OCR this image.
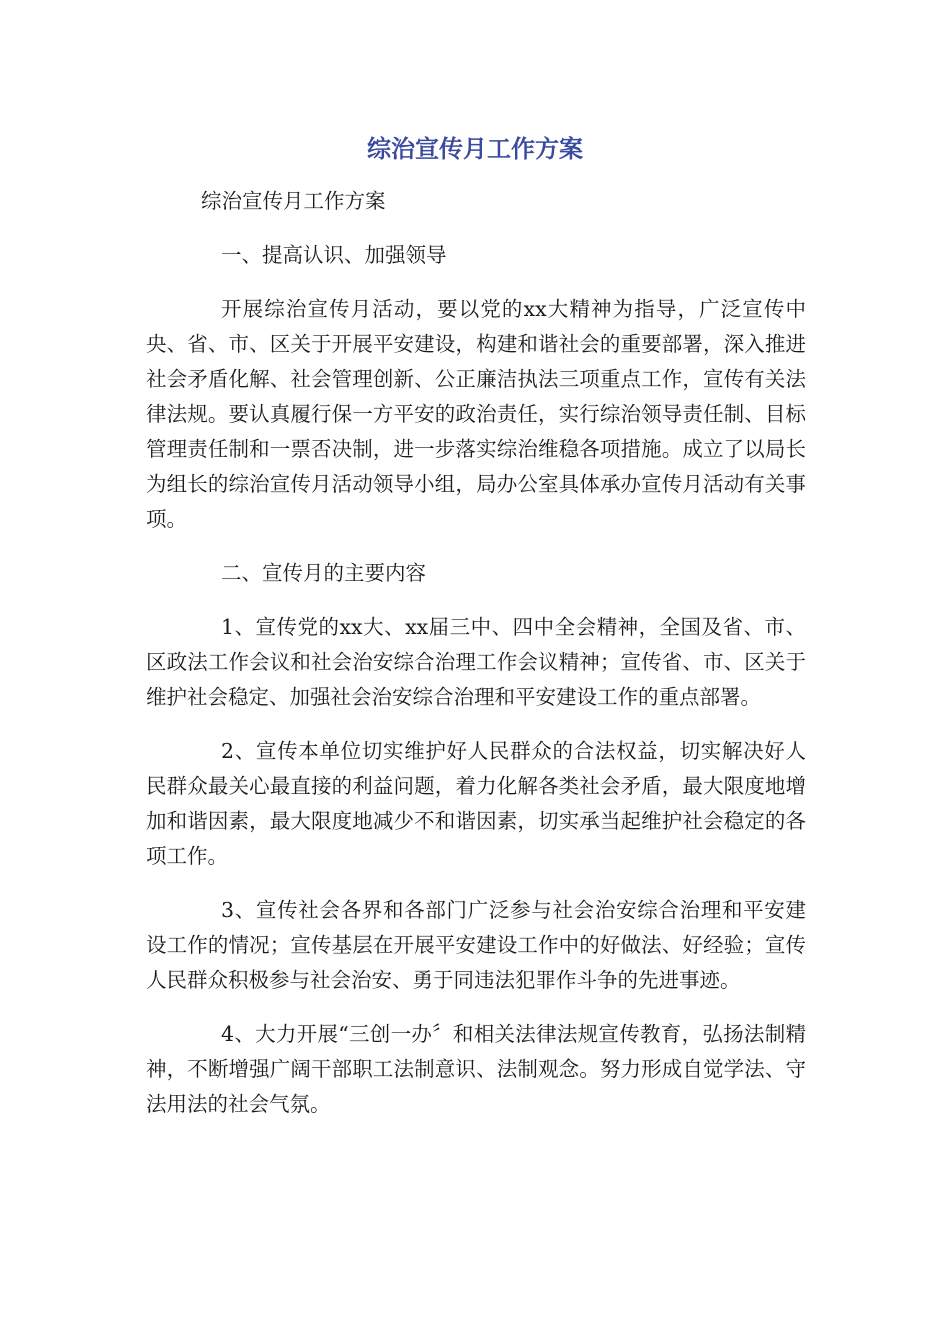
综治宣传月工作方案

综治宣传月工作方案

一、提高认识、加强领导

开展综治宣传月活动，要以党的xx大精神为指导，广泛宣传中央、省、市、区关于开展平安建设，构建和谐社会的重要部署，深入推进社会矛盾化解、社会管理创新、公正廉洁执法三项重点工作，宣传有关法律法规。要认真履行保一方平安的政治责任，实行综治领导责任制、目标管理责任制和一票否决制，进一步落实综治维稳各项措施。成立了以局长为组长的综治宣传月活动领导小组，局办公室具体承办宣传月活动有关事项。

二、宣传月的主要内容

1、宣传党的xx大、xx届三中、四中全会精神，全国及省、市、区政法工作会议和社会治安综合治理工作会议精神；宣传省、市、区关于维护社会稳定、加强社会治安综合治理和平安建设工作的重点部署。

2、宣传本单位切实维护好人民群众的合法权益，切实解决好人民群众最关心最直接的利益问题，着力化解各类社会矛盾，最大限度地增加和谐因素，最大限度地减少不和谐因素，切实承当起维护社会稳定的各项工作。

3、宣传社会各界和各部门广泛参与社会治安综合治理和平安建设工作的情况；宣传基层在开展平安建设工作中的好做法、好经验；宣传人民群众积极参与社会治安、勇于同违法犯罪作斗争的先进事迹。

4、大力开展“三创一办〞和相关法律法规宣传教育，弘扬法制精神，不断增强广阔干部职工法制意识、法制观念。努力形成自觉学法、守法用法的社会气氛。
